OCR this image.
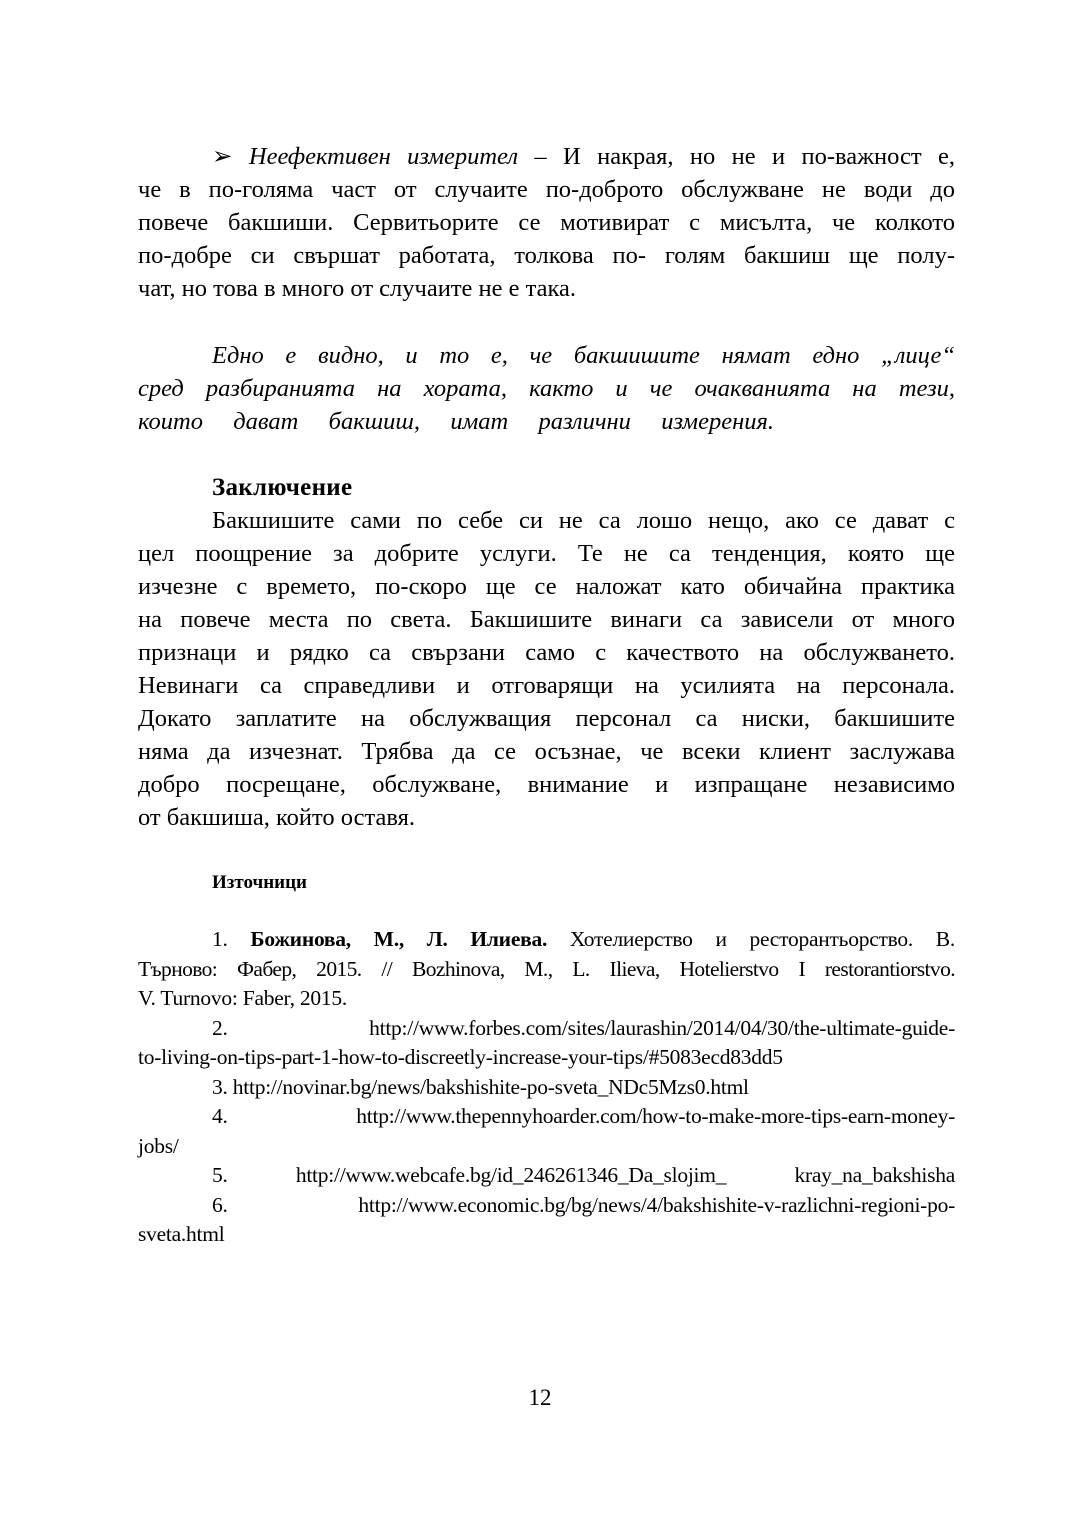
➢ Неефективен измерител – И накрая, но не и по-важност е,
че в по-голяма част от случаите по-доброто обслужване не води до
повече бакшиши. Сервитьорите се мотивират с мисълта, че колкото
по-добре си свършат работата, толкова по- голям бакшиш ще полу-
чат, но това в много от случаите не е така.
Едно е видно, и то е, че бакшишите нямат едно „лице“
сред разбиранията на хората, както и че очакванията на тези,
които дават бакшиш, имат различни измерения.
Заключение
Бакшишите сами по себе си не са лошо нещо, ако се дават с
цел поощрение за добрите услуги. Те не са тенденция, която ще
изчезне с времето, по-скоро ще се наложат като обичайна практика
на повече места по света. Бакшишите винаги са зависели от много
признаци и рядко са свързани само с качеството на обслужването.
Невинаги са справедливи и отговарящи на усилията на персонала.
Докато заплатите на обслужващия персонал са ниски, бакшишите
няма да изчезнат. Трябва да се осъзнае, че всеки клиент заслужава
добро посрещане, обслужване, внимание и изпращане независимо
от бакшиша, който оставя.
Източници
1. Божинова, М., Л. Илиева. Хотелиерство и ресторантьорство. В.
Търново: Фабер, 2015. // Bozhinova, M., L. Ilieva, Hotelierstvo I restorantiorstvo.
V. Turnovo: Faber, 2015.
2. http://www.forbes.com/sites/laurashin/2014/04/30/the-ultimate-guide-
to-living-on-tips-part-1-how-to-discreetly-increase-your-tips/#5083ecd83dd5
3. http://novinar.bg/news/bakshishite-po-sveta_NDc5Mzs0.html
4. http://www.thepennyhoarder.com/how-to-make-more-tips-earn-money-
jobs/
5. http://www.webcafe.bg/id_246261346_Da_slojim_ kray_na_bakshisha
6. http://www.economic.bg/bg/news/4/bakshishite-v-razlichni-regioni-po-
sveta.html
12
